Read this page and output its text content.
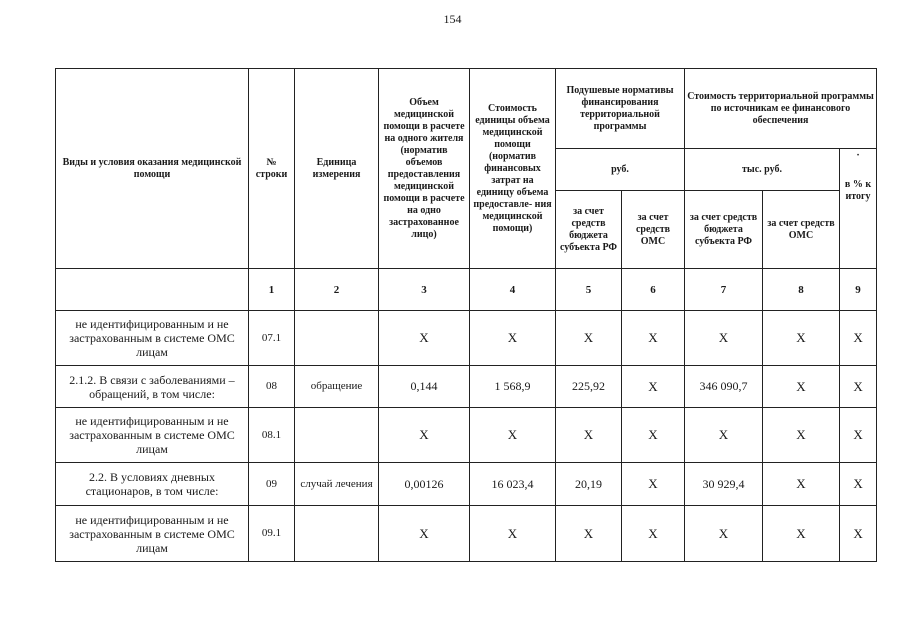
154
Виды и условия оказания медицинской помощи	№ строки	Единица измерения	Объем медицинской помощи в расчете на одного жителя (норматив объемов предоставления медицинской помощи в расчете на одно застрахованное лицо)	Стоимость единицы объема медицинской помощи (норматив финансовых затрат на единицу объема предоставле- ния медицинской помощи)	Подушевые нормативы финансирования территориальной программы		Стоимость территориальной программы по источникам ее финансового обеспечения		
					руб.		тыс. руб.		·
в % к итогу

					за счет средств бюджета субъекта РФ	за счет средств ОМС	за счет средств бюджета субъекта РФ	за счет средств ОМС	
	1	2	3	4	5	6	7	8	9
не идентифицированным и не застрахованным в системе ОМС лицам	07.1		X	X	X	X	X	X	X
2.1.2. В связи с заболеваниями – обращений, в том числе:	08	обращение	0,144	1 568,9	225,92	X	346 090,7	X	X
не идентифицированным и не застрахованным в системе ОМС лицам	08.1		X	X	X	X	X	X	X
2.2. В условиях дневных стационаров, в том числе:	09	случай лечения	0,00126	16 023,4	20,19	X	30 929,4	X	X
не идентифицированным и не застрахованным в системе ОМС лицам	09.1		X	X	X	X	X	X	X
